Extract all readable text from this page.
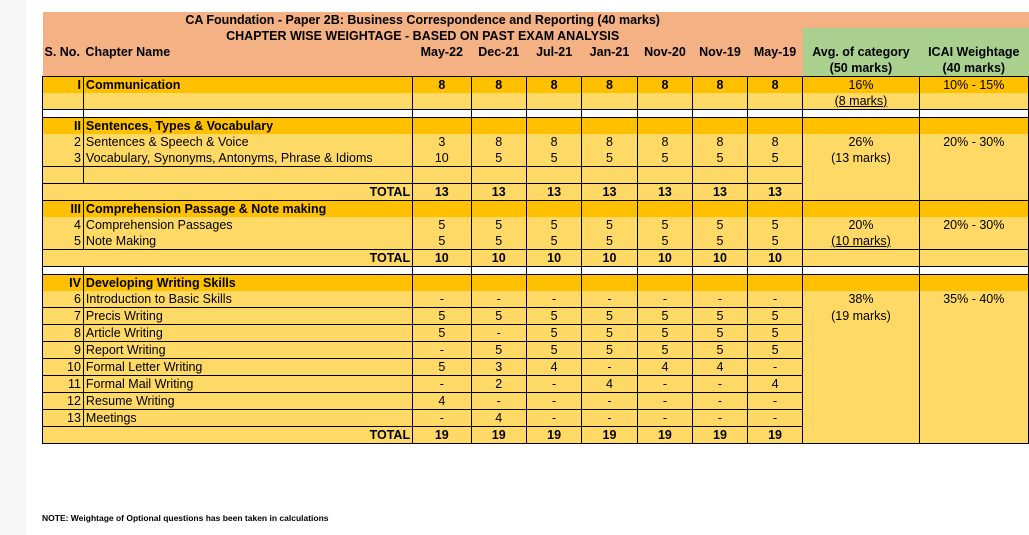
CA Foundation - Paper 2B: Business Correspondence and Reporting (40 marks)										
CHAPTER WISE WEIGHTAGE - BASED ON PAST EXAM ANALYSIS										
S. No.	Chapter Name	May-22	Dec-21	Jul-21	Jan-21	Nov-20	Nov-19	May-19	Avg. of category	ICAI Weightage
									(50 marks)	(40 marks)
I	Communication	8	8	8	8	8	8	8	16%	10% - 15%
									(8 marks)	

II	Sentences, Types & Vocabulary									
2	Sentences & Speech & Voice	3	8	8	8	8	8	8	26%	20% - 30%
3	Vocabulary, Synonyms, Antonyms, Phrase & Idioms	10	5	5	5	5	5	5	(13 marks)	

	TOTAL	13	13	13	13	13	13	13		
III	Comprehension Passage & Note making									
4	Comprehension Passages	5	5	5	5	5	5	5	20%	20% - 30%
5	Note Making	5	5	5	5	5	5	5	(10 marks)	
	TOTAL	10	10	10	10	10	10	10		

IV	Developing Writing Skills									
6	Introduction to Basic Skills	-	-	-	-	-	-	-	38%	35% - 40%
7	Precis Writing	5	5	5	5	5	5	5	(19 marks)	
8	Article Writing	5	-	5	5	5	5	5		
9	Report Writing	-	5	5	5	5	5	5		
10	Formal Letter Writing	5	3	4	-	4	4	-		
11	Formal Mail Writing	-	2	-	4	-	-	4		
12	Resume Writing	4	-	-	-	-	-	-		
13	Meetings	-	4	-	-	-	-	-		
	TOTAL	19	19	19	19	19	19	19		
NOTE: Weightage of Optional questions has been taken in calculations
